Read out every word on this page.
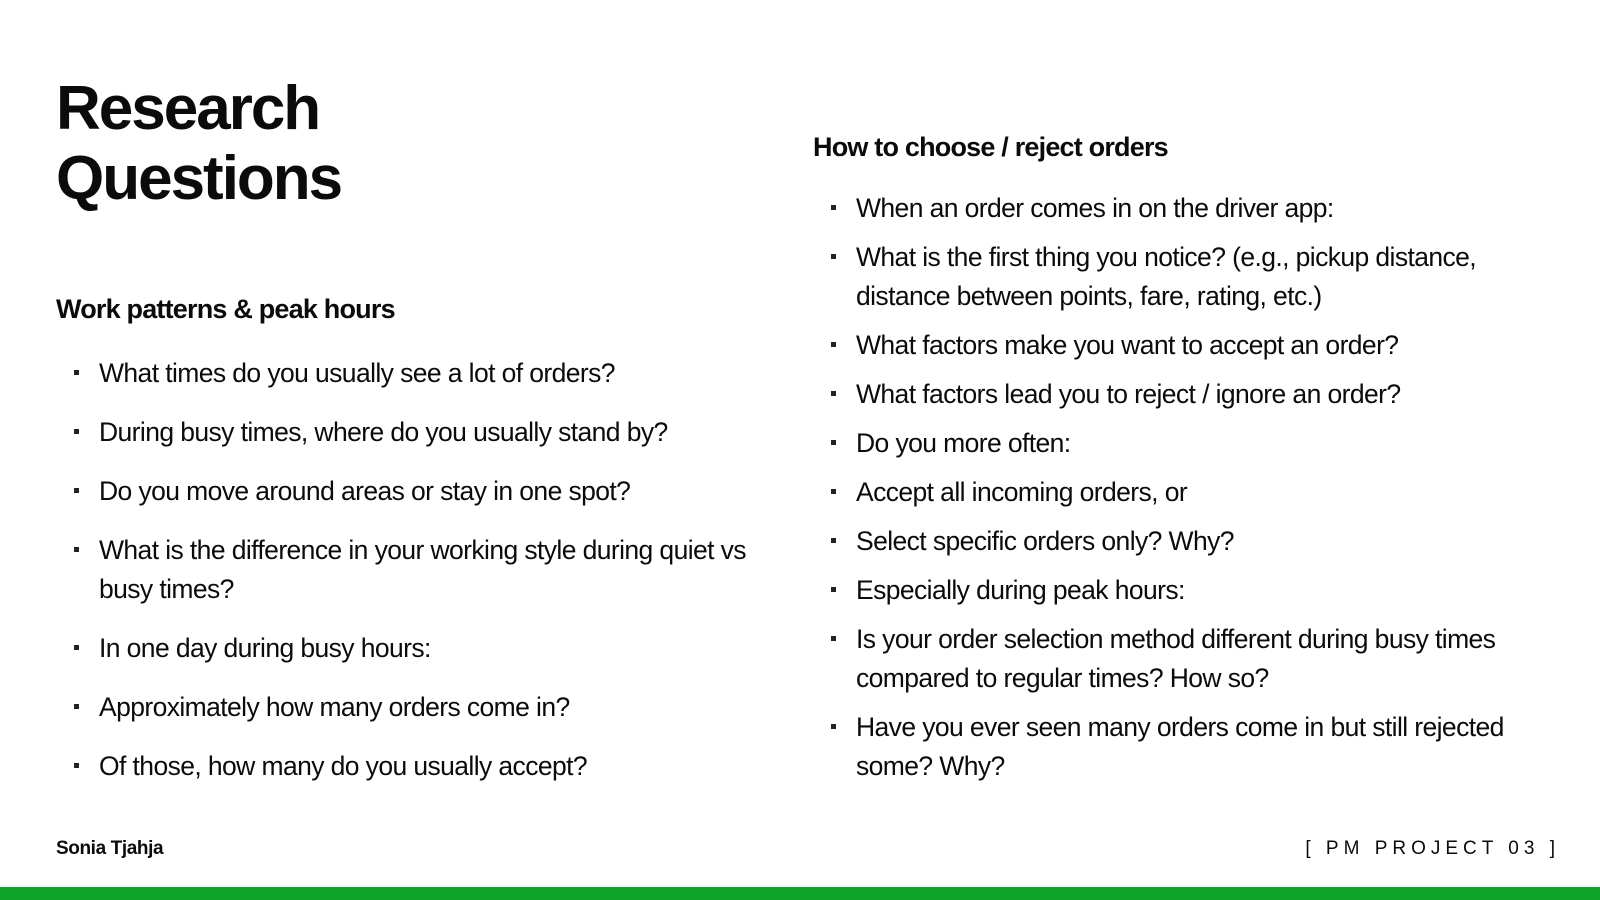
Research
Questions
Work patterns & peak hours
What times do you usually see a lot of orders?
During busy times, where do you usually stand by?
Do you move around areas or stay in one spot?
What is the difference in your working style during quiet vs busy times?
In one day during busy hours:
Approximately how many orders come in?
Of those, how many do you usually accept?
How to choose / reject orders
When an order comes in on the driver app:
What is the first thing you notice? (e.g., pickup distance, distance between points, fare, rating, etc.)
What factors make you want to accept an order?
What factors lead you to reject / ignore an order?
Do you more often:
Accept all incoming orders, or
Select specific orders only? Why?
Especially during peak hours:
Is your order selection method different during busy times compared to regular times? How so?
Have you ever seen many orders come in but still rejected some? Why?
Sonia Tjahja	[ PM PROJECT 03 ]
